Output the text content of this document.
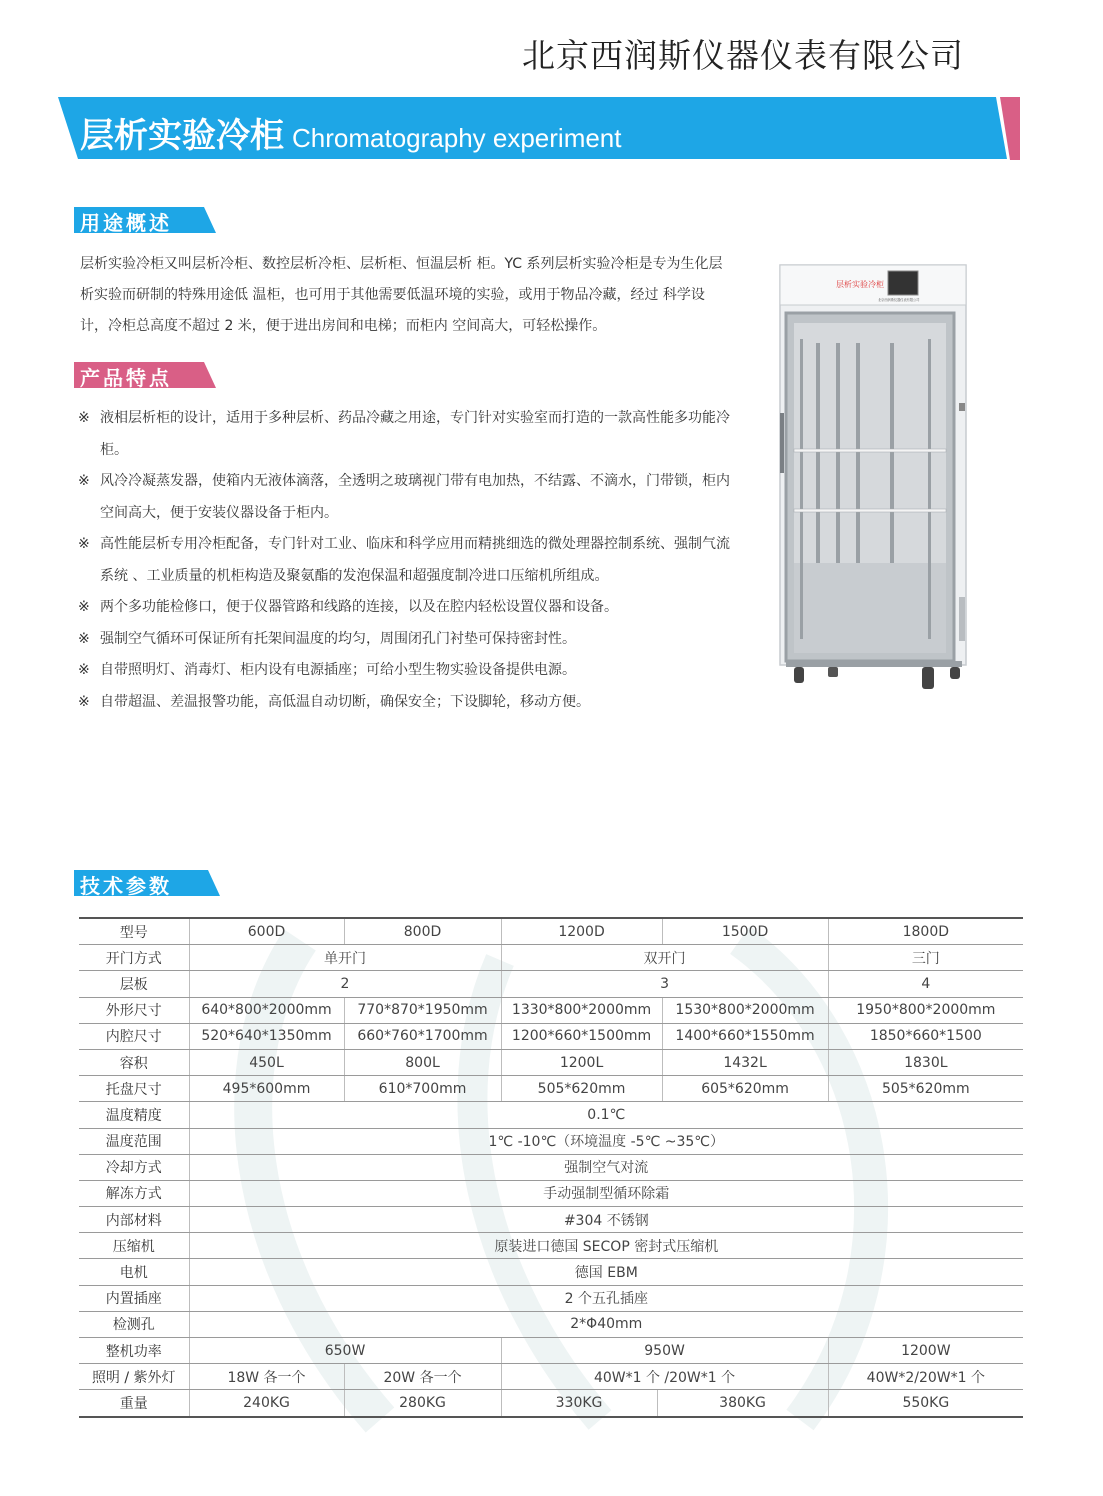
北京西润斯仪器仪表有限公司
层析实验冷柜 Chromatography experiment
用途概述
层析实验冷柜又叫层析冷柜、数控层析冷柜、层析柜、恒温层析 柜。YC 系列层析实验冷柜是专为生化层析实验而研制的特殊用途低 温柜，也可用于其他需要低温环境的实验，或用于物品冷藏，经过 科学设计，冷柜总高度不超过 2 米，便于进出房间和电梯；而柜内 空间高大，可轻松操作。
产品特点
※ 液相层析柜的设计，适用于多种层析、药品冷藏之用途，专门针对实验室而打造的一款高性能多功能冷柜。
※ 风冷冷凝蒸发器，使箱内无液体滴落，全透明之玻璃视门带有电加热，不结露、不滴水，门带锁，柜内空间高大，便于安装仪器设备于柜内。
※ 高性能层析专用冷柜配备，专门针对工业、临床和科学应用而精挑细选的微处理器控制系统、强制气流系统 、工业质量的机柜构造及聚氨酯的发泡保温和超强度制冷进口压缩机所组成。
※ 两个多功能检修口，便于仪器管路和线路的连接，以及在腔内轻松设置仪器和设备。
※ 强制空气循环可保证所有托架间温度的均匀，周围闭孔门衬垫可保持密封性。
※ 自带照明灯、消毒灯、柜内设有电源插座；可给小型生物实验设备提供电源。
※ 自带超温、差温报警功能，高低温自动切断，确保安全；下设脚轮，移动方便。
层析实验冷柜
北京西润斯仪器仪表有限公司
技术参数
型号	600D	800D	1200D		1500D	1800D
开门方式	单开门		双开门			三门
层板	2		3			4
外形尺寸	640*800*2000mm	770*870*1950mm	1330*800*2000mm		1530*800*2000mm	1950*800*2000mm
内腔尺寸	520*640*1350mm	660*760*1700mm	1200*660*1500mm		1400*660*1550mm	1850*660*1500
容积	450L	800L	1200L		1432L	1830L
托盘尺寸	495*600mm	610*700mm	505*620mm		605*620mm	505*620mm
温度精度	0.1℃					
温度范围	1℃ -10℃（环境温度 -5℃ ~35℃）					
冷却方式	强制空气对流					
解冻方式	手动强制型循环除霜					
内部材料	#304 不锈钢					
压缩机	原装进口德国 SECOP 密封式压缩机					
电机	德国 EBM					
内置插座	2 个五孔插座					
检测孔	2*Φ40mm					
整机功率	650W		950W			1200W
照明 / 紫外灯	18W 各一个	20W 各一个	40W*1 个 /20W*1 个			40W*2/20W*1 个
重量	240KG	280KG	330KG	380KG		550KG
